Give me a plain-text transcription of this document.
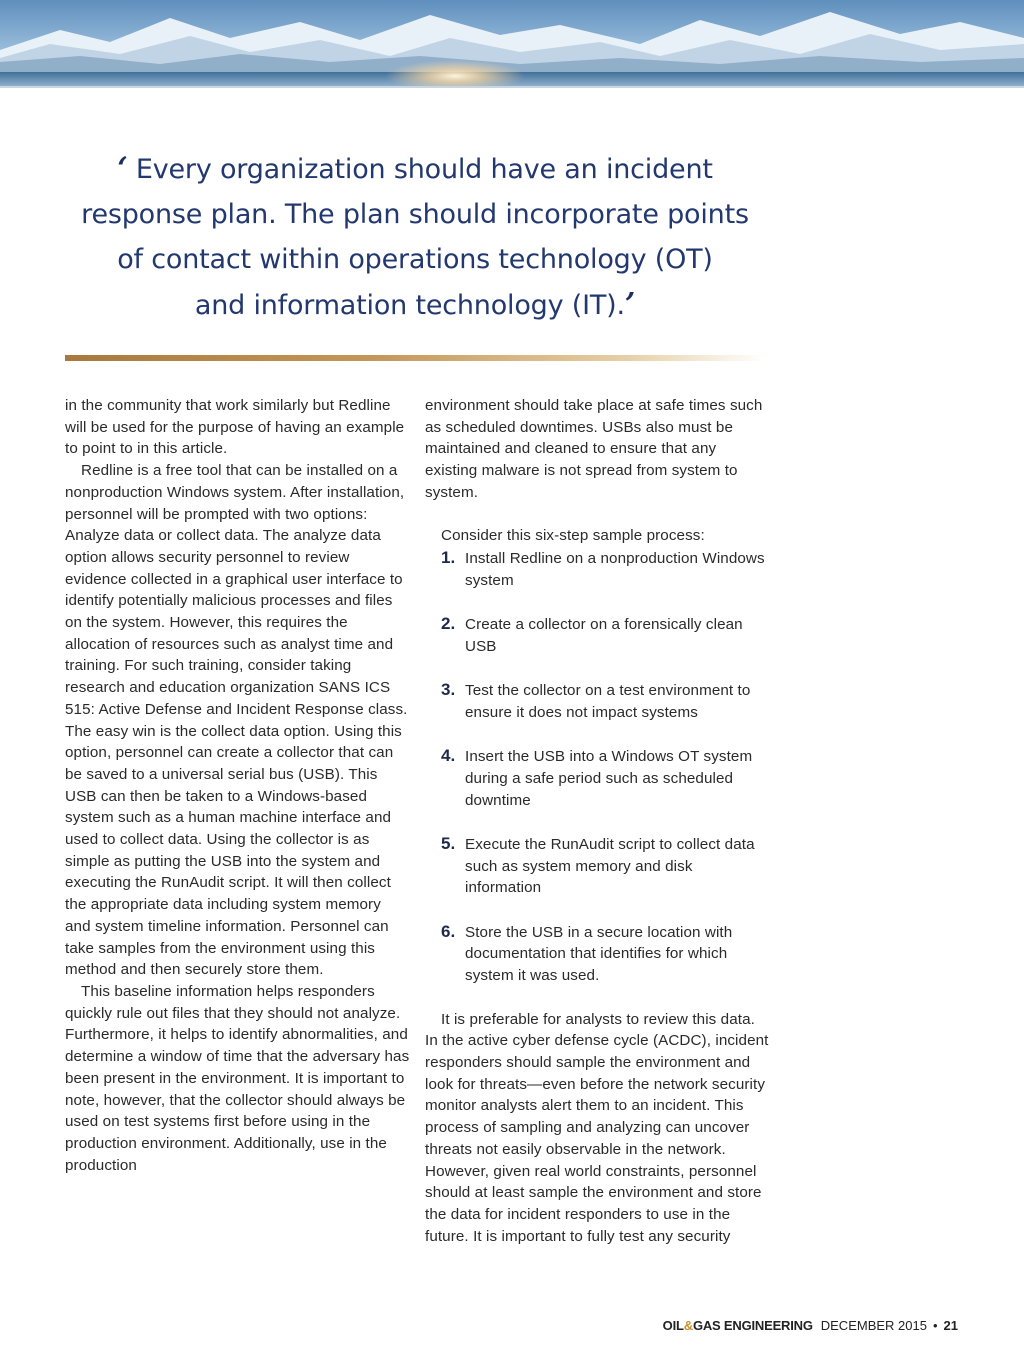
‘ Every organization should have an incident
response plan. The plan should incorporate points
of contact within operations technology (OT)
and information technology (IT).’

in the community that work similarly but Redline will be used for the purpose of having an example to point to in this article.

Redline is a free tool that can be installed on a nonproduction Windows system. After installation, personnel will be prompted with two options: Analyze data or collect data. The analyze data option allows security personnel to review evidence collected in a graphical user interface to identify potentially malicious processes and files on the system. However, this requires the allocation of resources such as analyst time and training. For such training, consider taking research and education organization SANS ICS 515: Active Defense and Incident Response class. The easy win is the collect data option. Using this option, personnel can create a collector that can be saved to a universal serial bus (USB). This USB can then be taken to a Windows-based system such as a human machine interface and used to collect data. Using the collector is as simple as putting the USB into the system and executing the RunAudit script. It will then collect the appropriate data including system memory and system timeline information. Personnel can take samples from the environment using this method and then securely store them.

This baseline information helps responders quickly rule out files that they should not analyze. Furthermore, it helps to identify abnormalities, and determine a window of time that the adversary has been present in the environment. It is important to note, however, that the collector should always be used on test systems first before using in the production environment. Additionally, use in the production

environment should take place at safe times such as scheduled downtimes. USBs also must be maintained and cleaned to ensure that any existing malware is not spread from system to system.

Consider this six-step sample process:

1. Install Redline on a nonproduction Windows system
2. Create a collector on a forensically clean USB
3. Test the collector on a test environment to ensure it does not impact systems
4. Insert the USB into a Windows OT system during a safe period such as scheduled downtime
5. Execute the RunAudit script to collect data such as system memory and disk information
6. Store the USB in a secure location with documentation that identifies for which system it was used.

It is preferable for analysts to review this data. In the active cyber defense cycle (ACDC), incident responders should sample the environment and look for threats—even before the network security monitor analysts alert them to an incident. This process of sampling and analyzing can uncover threats not easily observable in the network. However, given real world constraints, personnel should at least sample the environment and store the data for incident responders to use in the future. It is important to fully test any security

OIL&GAS ENGINEERING DECEMBER 2015 • 21
